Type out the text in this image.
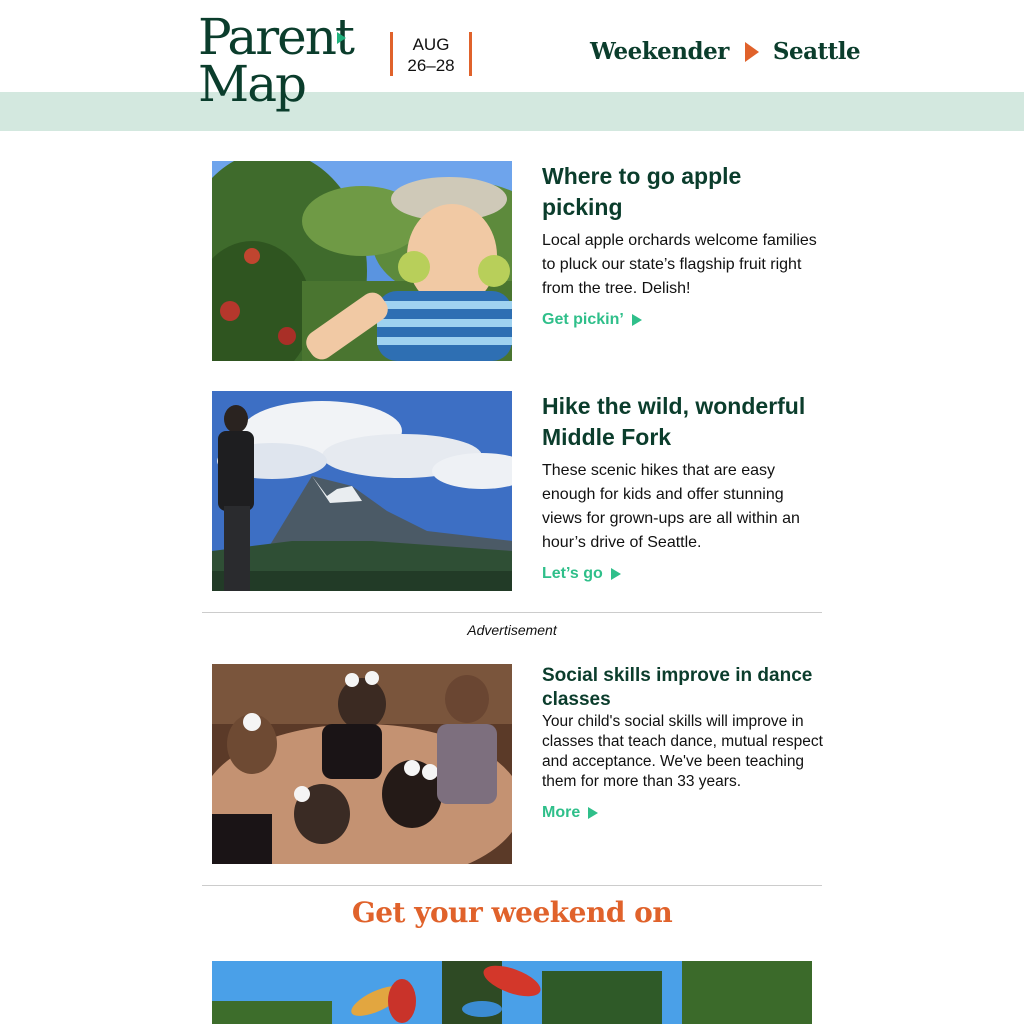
Parent
Map
AUG
26–28
Weekender Seattle
Where to go apple picking

Local apple orchards welcome families to pluck our state’s flagship fruit right from the tree. Delish!

Get pickin’
Hike the wild, wonderful Middle Fork

These scenic hikes that are easy enough for kids and offer stunning views for grown-ups are all within an hour’s drive of Seattle.

Let’s go
Advertisement
Social skills improve in dance classes

Your child's social skills will improve in classes that teach dance, mutual respect and acceptance. We've been teaching them for more than 33 years.

More
Get your weekend on
